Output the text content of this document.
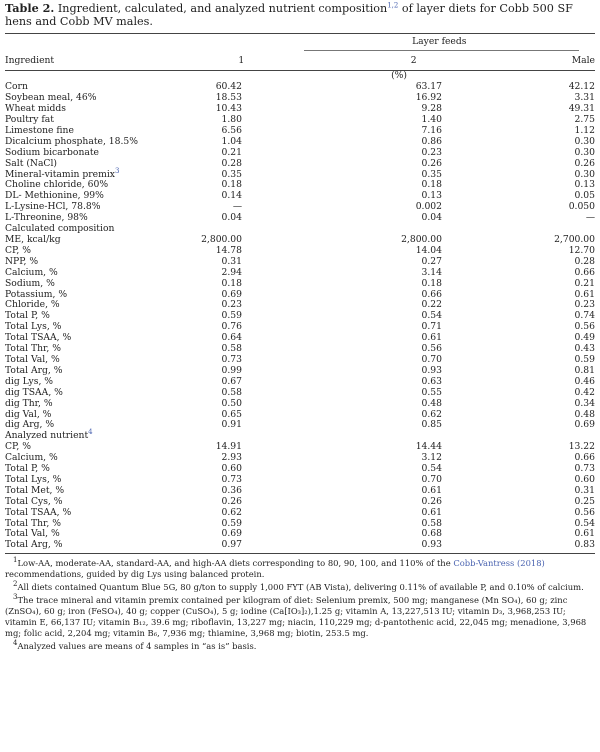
Table 2. Ingredient, calculated, and analyzed nutrient composition$^{1,2}$ of layer diets for Cobb 500 SF hens and Cobb MV males.
		Layer feeds	

Ingredient	1	2	Male
		(%)	
Corn	60.42	63.17	42.12
Soybean meal, 46%	18.53	16.92	3.31
Wheat midds	10.43	9.28	49.31
Poultry fat	1.80	1.40	2.75
Limestone fine	6.56	7.16	1.12
Dicalcium phosphate, 18.5%	1.04	0.86	0.30
Sodium bicarbonate	0.21	0.23	0.30
Salt (NaCl)	0.28	0.26	0.26
Mineral-vitamin premix$^3$	0.35	0.35	0.30
Choline chloride, 60%	0.18	0.18	0.13
DL- Methionine, 99%	0.14	0.13	0.05
L-Lysine-HCl, 78.8%	—	0.002	0.050
L-Threonine, 98%	0.04	0.04	—
Calculated composition			
ME, kcal/kg	2,800.00	2,800.00	2,700.00
CP, %	14.78	14.04	12.70
NPP, %	0.31	0.27	0.28
Calcium, %	2.94	3.14	0.66
Sodium, %	0.18	0.18	0.21
Potassium, %	0.69	0.66	0.61
Chloride, %	0.23	0.22	0.23
Total P, %	0.59	0.54	0.74
Total Lys, %	0.76	0.71	0.56
Total TSAA, %	0.64	0.61	0.49
Total Thr, %	0.58	0.56	0.43
Total Val, %	0.73	0.70	0.59
Total Arg, %	0.99	0.93	0.81
dig Lys, %	0.67	0.63	0.46
dig TSAA, %	0.58	0.55	0.42
dig Thr, %	0.50	0.48	0.34
dig Val, %	0.65	0.62	0.48
dig Arg, %	0.91	0.85	0.69
Analyzed nutrient$^4$
CP, %	14.91	14.44	13.22
Calcium, %	2.93	3.12	0.66
Total P, %	0.60	0.54	0.73
Total Lys, %	0.73	0.70	0.60
Total Met, %	0.36	0.61	0.31
Total Cys, %	0.26	0.26	0.25
Total TSAA, %	0.62	0.61	0.56
Total Thr, %	0.59	0.58	0.54
Total Val, %	0.69	0.68	0.61
Total Arg, %	0.97	0.93	0.83

$^1$Low-AA, moderate-AA, standard-AA, and high-AA diets corresponding to 80, 90, 100, and 110% of the Cobb-Vantress (2018) recommendations, guided by dig Lys using balanced protein.

$^2$All diets contained Quantum Blue 5G, 80 g/ton to supply 1,000 FYT (AB Vista), delivering 0.11% of available P, and 0.10% of calcium.

$^3$The trace mineral and vitamin premix contained per kilogram of diet: Selenium premix, 500 mg; manganese (Mn SO₄), 60 g; zinc (ZnSO₄), 60 g; iron (FeSO₄), 40 g; copper (CuSO₄), 5 g; iodine (Ca[IO₃]₂),1.25 g; vitamin A, 13,227,513 IU; vitamin D₃, 3,968,253 IU; vitamin E, 66,137 IU; vitamin B₁₂, 39.6 mg; riboflavin, 13,227 mg; niacin, 110,229 mg; d-pantothenic acid, 22,045 mg; menadione, 3,968 mg; folic acid, 2,204 mg; vitamin B₆, 7,936 mg; thiamine, 3,968 mg; biotin, 253.5 mg.

$^4$Analyzed values are means of 4 samples in “as is” basis.
